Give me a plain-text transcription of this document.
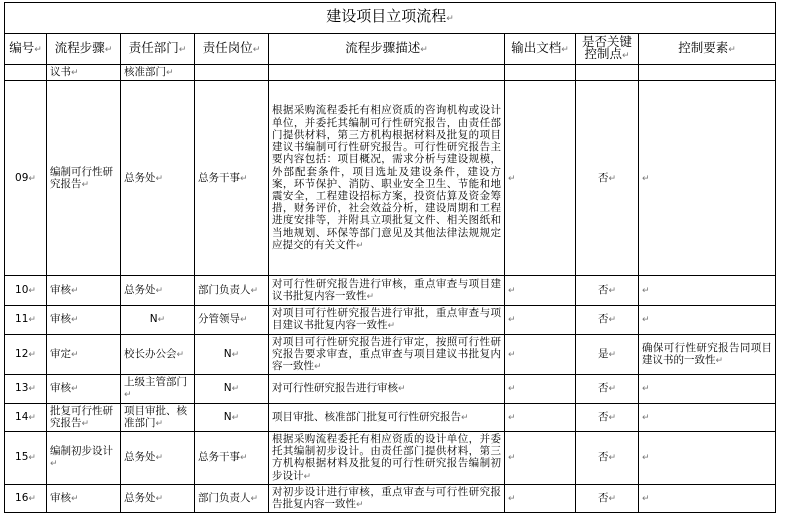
建设项目立项流程↵							
编号↵	流程步骤↵	责任部门↵	责任岗位↵	流程步骤描述↵	输出文档↵	是否关键控制点↵	控制要素↵
	议书↵	核准部门↵					
09↵	编制可行性研究报告↵	总务处↵	总务干事↵	根据采购流程委托有相应资质的咨询机构或设计单位，并委托其编制可行性研究报告，由责任部门提供材料，第三方机构根据材料及批复的项目建议书编制可行性研究报告。可行性研究报告主要内容包括：项目概况，需求分析与建设规模，外部配套条件，项目选址及建设条件，建设方案，环节保护、消防、职业安全卫生、节能和地震安全，工程建设招标方案，投资估算及资金筹措，财务评价，社会效益分析，建设周期和工程进度安排等，并附具立项批复文件、相关图纸和当地规划、环保等部门意见及其他法律法规规定应提交的有关文件↵	↵	否↵	↵
10↵	审核↵	总务处↵	部门负责人↵	对可行性研究报告进行审核，重点审查与项目建议书批复内容一致性↵	↵	否↵	↵
11↵	审核↵	N↵	分管领导↵	对项目可行性研究报告进行审批，重点审查与项目建议书批复内容一致性↵	↵	否↵	↵
12↵	审定↵	校长办公会↵	N↵	对项目可行性研究报告进行审定，按照可行性研究报告要求审查，重点审查与项目建议书批复内容一致性↵	↵	是↵	确保可行性研究报告同项目建议书的一致性↵
13↵	审核↵	上级主管部门↵	N↵	对可行性研究报告进行审核↵	↵	否↵	↵
14↵	批复可行性研究报告↵	项目审批、核准部门↵	N↵	项目审批、核准部门批复可行性研究报告↵	↵	否↵	↵
15↵	编制初步设计↵	总务处↵	总务干事↵	根据采购流程委托有相应资质的设计单位，并委托其编制初步设计。由责任部门提供材料，第三方机构根据材料及批复的可行性研究报告编制初步设计↵	↵	否↵	↵
16↵	审核↵	总务处↵	部门负责人↵	对初步设计进行审核，重点审查与可行性研究报告批复内容一致性↵	↵	否↵	↵
